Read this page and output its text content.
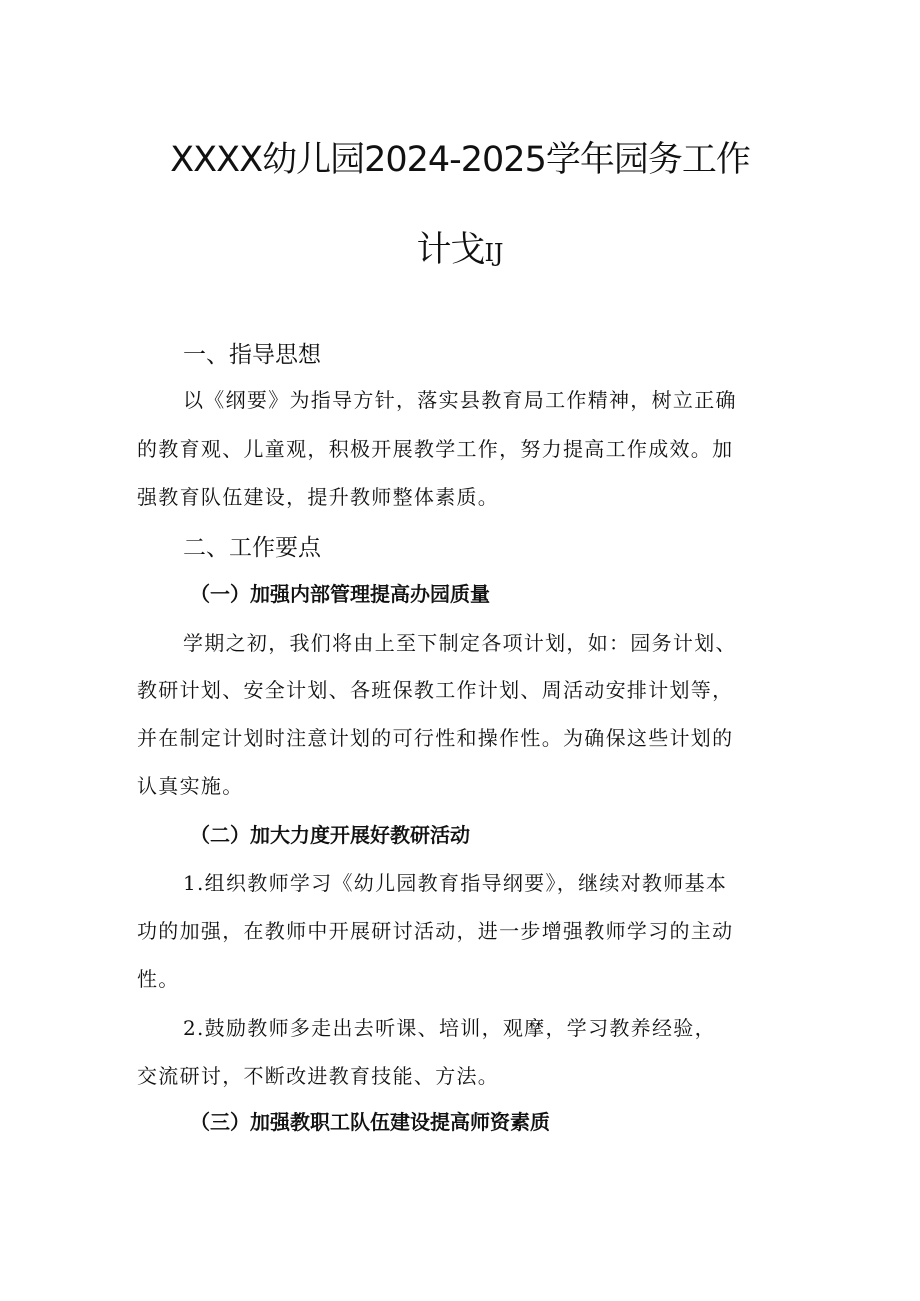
XXXX幼儿园2024-2025学年园务工作
计戈IJ
一、指导思想
以《纲要》为指导方针，落实县教育局工作精神，树立正确
的教育观、儿童观，积极开展教学工作，努力提高工作成效。加
强教育队伍建设，提升教师整体素质。
二、工作要点
（一）加强内部管理提高办园质量
学期之初，我们将由上至下制定各项计划，如：园务计划、
教研计划、安全计划、各班保教工作计划、周活动安排计划等，
并在制定计划时注意计划的可行性和操作性。为确保这些计划的
认真实施。
（二）加大力度开展好教研活动
1.组织教师学习《幼儿园教育指导纲要》，继续对教师基本
功的加强，在教师中开展研讨活动，进一步增强教师学习的主动
性。
2.鼓励教师多走出去听课、培训，观摩，学习教养经验，
交流研讨，不断改进教育技能、方法。
（三）加强教职工队伍建设提高师资素质
